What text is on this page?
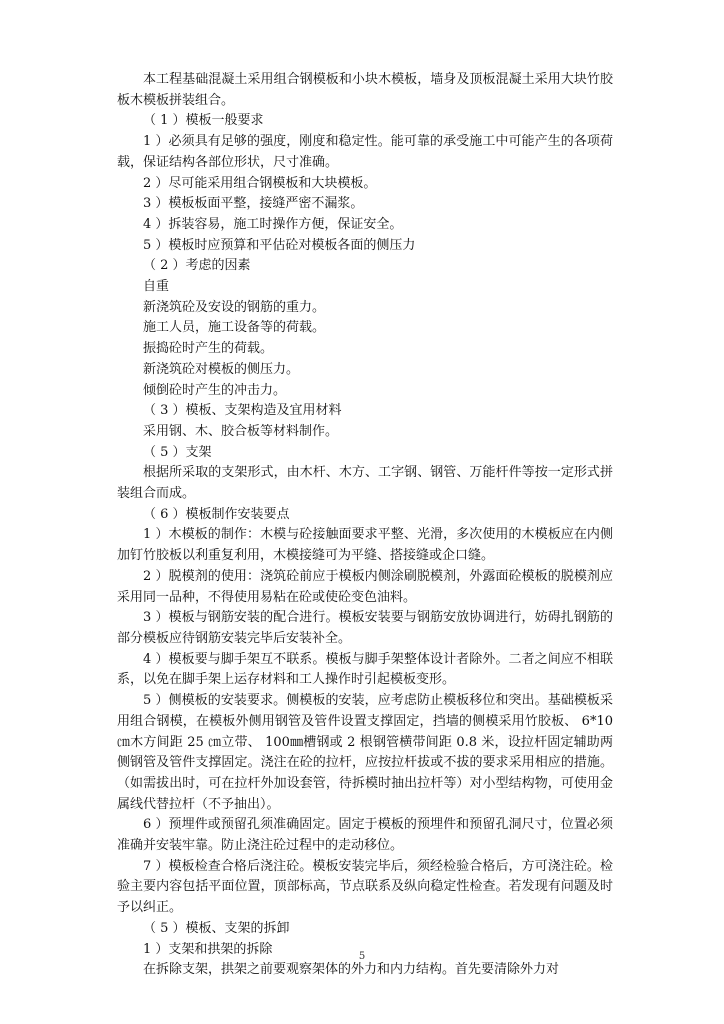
本工程基础混凝土采用组合钢模板和小块木模板，墙身及顶板混凝土采用大块竹胶板木模板拼装组合。

（ 1 ）模板一般要求

1 ）必须具有足够的强度，刚度和稳定性。能可靠的承受施工中可能产生的各项荷载，保证结构各部位形状，尺寸准确。

2 ）尽可能采用组合钢模板和大块模板。

3 ）模板板面平整，接缝严密不漏浆。

4 ）拆装容易，施工时操作方便，保证安全。

5 ）模板时应预算和平估砼对模板各面的侧压力

（ 2 ）考虑的因素

自重

新浇筑砼及安设的钢筋的重力。

施工人员，施工设备等的荷载。

振捣砼时产生的荷载。

新浇筑砼对模板的侧压力。

倾倒砼时产生的冲击力。

（ 3 ）模板、支架构造及宜用材料

采用钢、木、胶合板等材料制作。

（ 5 ）支架

根据所采取的支架形式，由木杆、木方、工字钢、钢管、万能杆件等按一定形式拼装组合而成。

（ 6 ）模板制作安装要点

1 ）木模板的制作：木模与砼接触面要求平整、光滑，多次使用的木模板应在内侧加钉竹胶板以利重复利用，木模接缝可为平缝、搭接缝或企口缝。

2 ）脱模剂的使用：浇筑砼前应于模板内侧涂刷脱模剂，外露面砼模板的脱模剂应采用同一品种，不得使用易粘在砼或使砼变色油料。

3 ）模板与钢筋安装的配合进行。模板安装要与钢筋安放协调进行，妨碍扎钢筋的部分模板应待钢筋安装完毕后安装补全。

4 ）模板要与脚手架互不联系。模板与脚手架整体设计者除外。二者之间应不相联系，以免在脚手架上运存材料和工人操作时引起模板变形。

5 ）侧模板的安装要求。侧模板的安装，应考虑防止模板移位和突出。基础模板采用组合钢模，在模板外侧用钢管及管件设置支撑固定，挡墙的侧模采用竹胶板、 6*10 ㎝木方间距 25 ㎝立带、 100㎜槽钢或 2 根钢管横带间距 0.8 米，设拉杆固定辅助两侧钢管及管件支撑固定。浇注在砼的拉杆，应按拉杆拔或不拔的要求采用相应的措施。（如需拔出时，可在拉杆外加设套管，待拆模时抽出拉杆等）对小型结构物，可使用金属线代替拉杆（不予抽出）。

6 ）预埋件或预留孔须准确固定。固定于模板的预埋件和预留孔洞尺寸，位置必须准确并安装牢靠。防止浇注砼过程中的走动移位。

7 ）模板检查合格后浇注砼。模板安装完毕后，须经检验合格后，方可浇注砼。检验主要内容包括平面位置，顶部标高，节点联系及纵向稳定性检查。若发现有问题及时予以纠正。

（ 5 ）模板、支架的拆卸

1 ）支架和拱架的拆除

在拆除支架，拱架之前要观察架体的外力和内力结构。首先要清除外力对

5
